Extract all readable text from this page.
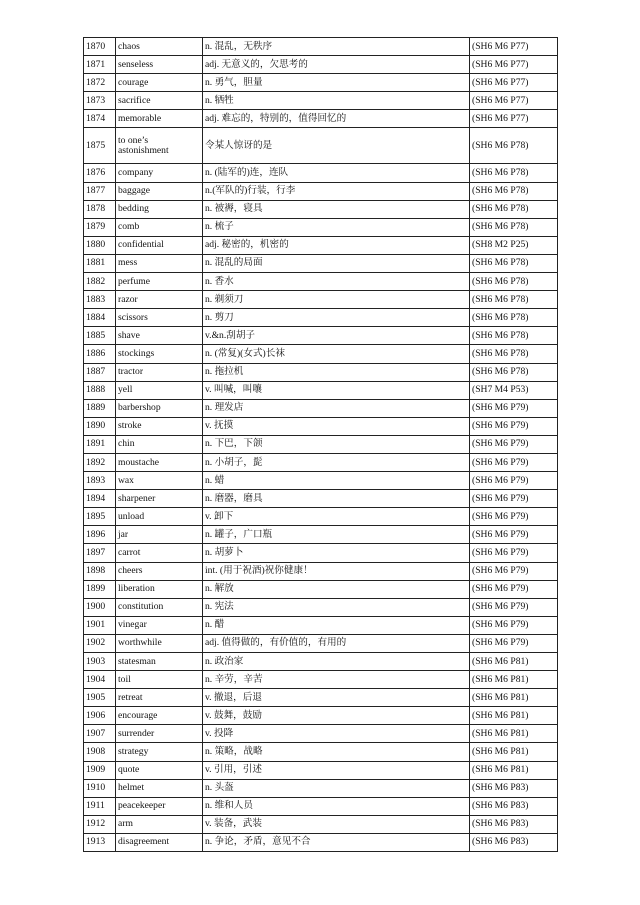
1870	chaos	n. 混乱，无秩序	(SH6 M6 P77)
1871	senseless	adj. 无意义的，欠思考的	(SH6 M6 P77)
1872	courage	n. 勇气，胆量	(SH6 M6 P77)
1873	sacrifice	n. 牺牲	(SH6 M6 P77)
1874	memorable	adj. 难忘的，特别的，值得回忆的	(SH6 M6 P77)
1875	to one’s astonishment	令某人惊讶的是	(SH6 M6 P78)
1876	company	n. (陆军的)连，连队	(SH6 M6 P78)
1877	baggage	n.(军队的)行装，行李	(SH6 M6 P78)
1878	bedding	n. 被褥，寝具	(SH6 M6 P78)
1879	comb	n. 梳子	(SH6 M6 P78)
1880	confidential	adj. 秘密的，机密的	(SH8 M2 P25)
1881	mess	n. 混乱的局面	(SH6 M6 P78)
1882	perfume	n. 香水	(SH6 M6 P78)
1883	razor	n. 剃须刀	(SH6 M6 P78)
1884	scissors	n. 剪刀	(SH6 M6 P78)
1885	shave	v.&n.刮胡子	(SH6 M6 P78)
1886	stockings	n. (常复)(女式)长袜	(SH6 M6 P78)
1887	tractor	n. 拖拉机	(SH6 M6 P78)
1888	yell	v. 叫喊，叫嚷	(SH7 M4 P53)
1889	barbershop	n. 理发店	(SH6 M6 P79)
1890	stroke	v. 抚摸	(SH6 M6 P79)
1891	chin	n. 下巴，下颌	(SH6 M6 P79)
1892	moustache	n. 小胡子，髭	(SH6 M6 P79)
1893	wax	n. 蜡	(SH6 M6 P79)
1894	sharpener	n. 磨器，磨具	(SH6 M6 P79)
1895	unload	v. 卸下	(SH6 M6 P79)
1896	jar	n. 罐子，广口瓶	(SH6 M6 P79)
1897	carrot	n. 胡萝卜	(SH6 M6 P79)
1898	cheers	int. (用于祝酒)祝你健康！	(SH6 M6 P79)
1899	liberation	n. 解放	(SH6 M6 P79)
1900	constitution	n. 宪法	(SH6 M6 P79)
1901	vinegar	n. 醋	(SH6 M6 P79)
1902	worthwhile	adj. 值得做的，有价值的，有用的	(SH6 M6 P79)
1903	statesman	n. 政治家	(SH6 M6 P81)
1904	toil	n. 辛劳，辛苦	(SH6 M6 P81)
1905	retreat	v. 撤退，后退	(SH6 M6 P81)
1906	encourage	v. 鼓舞，鼓励	(SH6 M6 P81)
1907	surrender	v. 投降	(SH6 M6 P81)
1908	strategy	n. 策略，战略	(SH6 M6 P81)
1909	quote	v. 引用，引述	(SH6 M6 P81)
1910	helmet	n. 头盔	(SH6 M6 P83)
1911	peacekeeper	n. 维和人员	(SH6 M6 P83)
1912	arm	v. 装备，武装	(SH6 M6 P83)
1913	disagreement	n. 争论，矛盾，意见不合	(SH6 M6 P83)
